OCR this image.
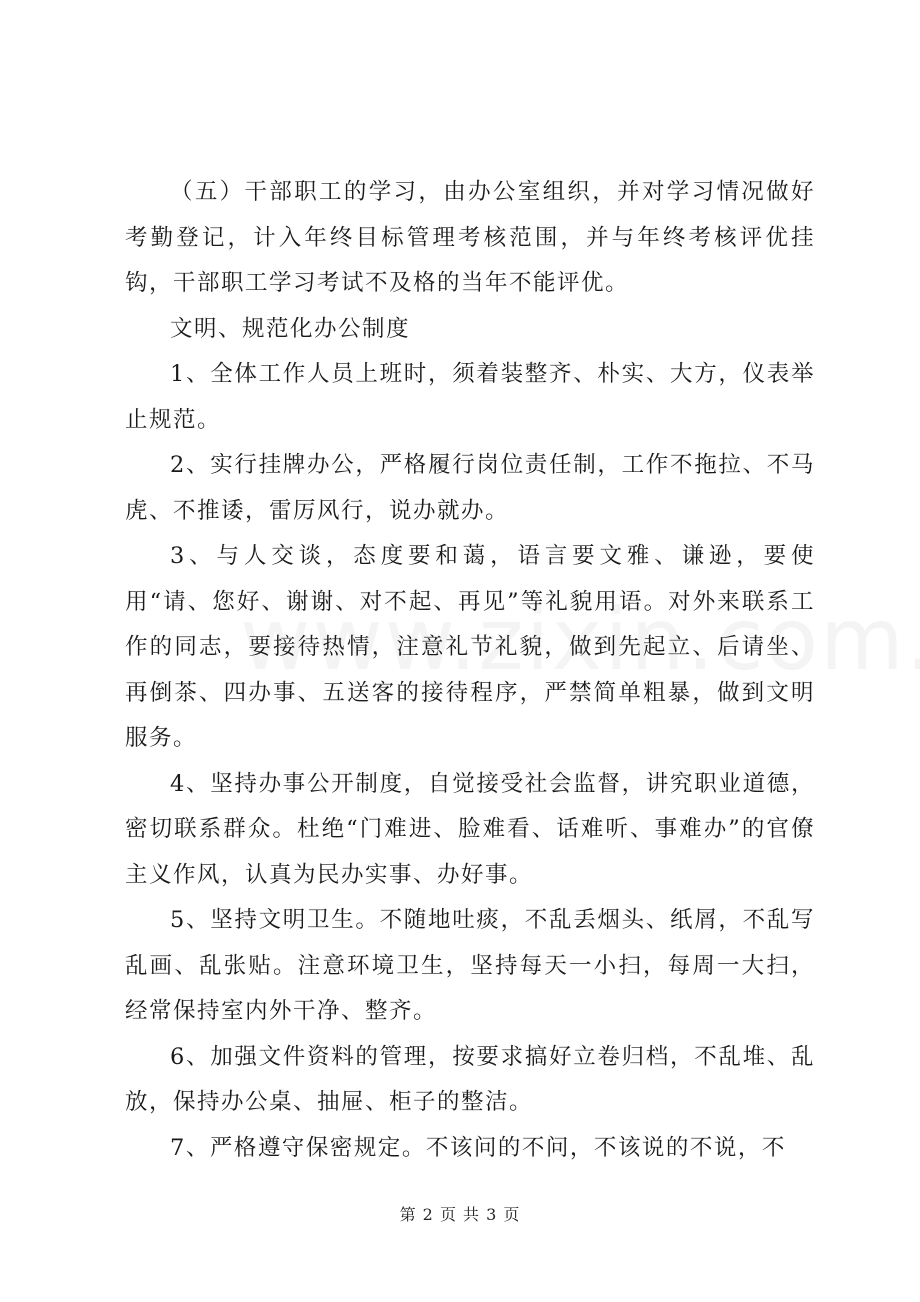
（五）干部职工的学习，由办公室组织，并对学习情况做好考勤登记，计入年终目标管理考核范围，并与年终考核评优挂钩，干部职工学习考试不及格的当年不能评优。

文明、规范化办公制度

1、全体工作人员上班时，须着装整齐、朴实、大方，仪表举止规范。

2、实行挂牌办公，严格履行岗位责任制，工作不拖拉、不马虎、不推诿，雷厉风行，说办就办。

3、与人交谈，态度要和蔼，语言要文雅、谦逊，要使用“请、您好、谢谢、对不起、再见”等礼貌用语。对外来联系工作的同志，要接待热情，注意礼节礼貌，做到先起立、后请坐、再倒茶、四办事、五送客的接待程序，严禁简单粗暴，做到文明服务。

4、坚持办事公开制度，自觉接受社会监督，讲究职业道德，密切联系群众。杜绝“门难进、脸难看、话难听、事难办”的官僚主义作风，认真为民办实事、办好事。

5、坚持文明卫生。不随地吐痰，不乱丢烟头、纸屑，不乱写乱画、乱张贴。注意环境卫生，坚持每天一小扫，每周一大扫，经常保持室内外干净、整齐。

6、加强文件资料的管理，按要求搞好立卷归档，不乱堆、乱放，保持办公桌、抽屉、柜子的整洁。

7、严格遵守保密规定。不该问的不问，不该说的不说，不

第 2 页 共 3 页
